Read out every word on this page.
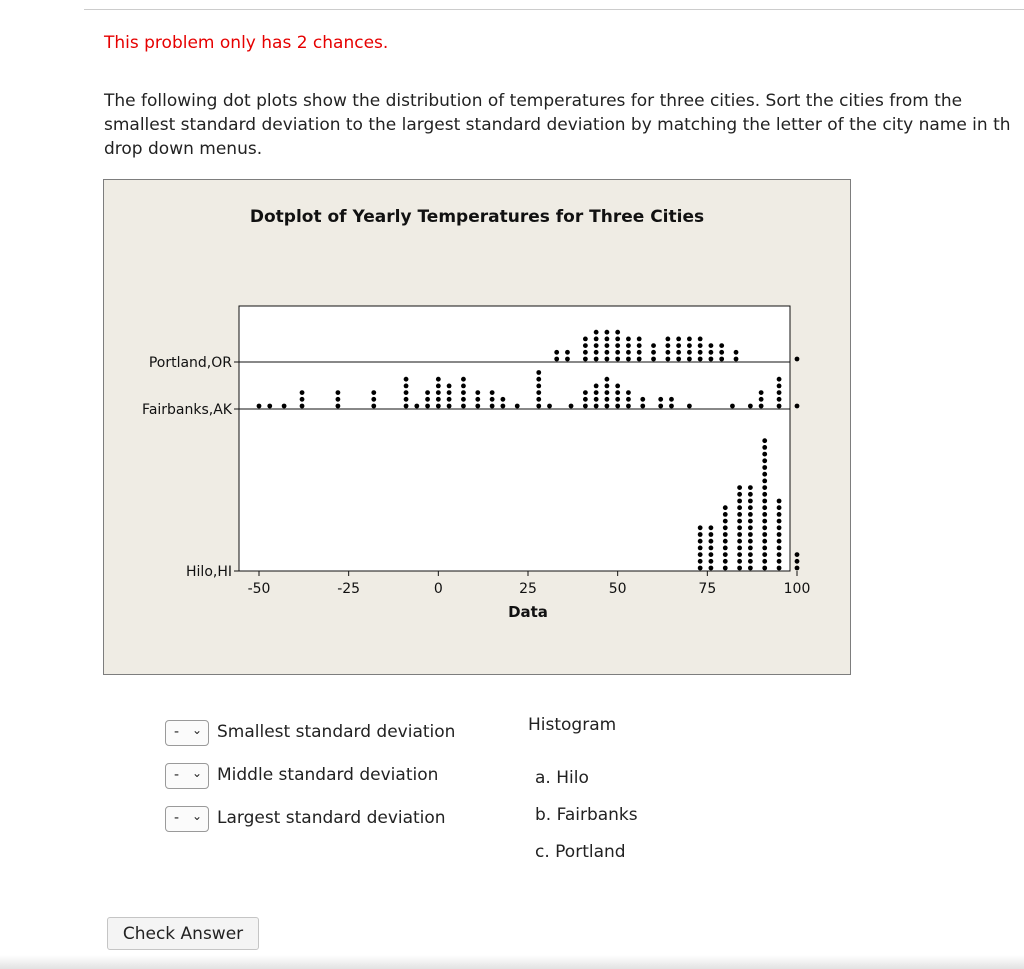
This problem only has 2 chances.
The following dot plots show the distribution of temperatures for three cities. Sort the cities from the smallest standard deviation to the largest standard deviation by matching the letter of the city name in th
drop down menus.
Dotplot of Yearly Temperatures for Three Cities
Data
-50	-25	0	25	50	75	100
Portland,OR
Fairbanks,AK
Hilo,HI
- ⌄ Smallest standard deviation
- ⌄ Middle standard deviation
- ⌄ Largest standard deviation
Histogram
a. Hilo
b. Fairbanks
c. Portland
Check Answer
